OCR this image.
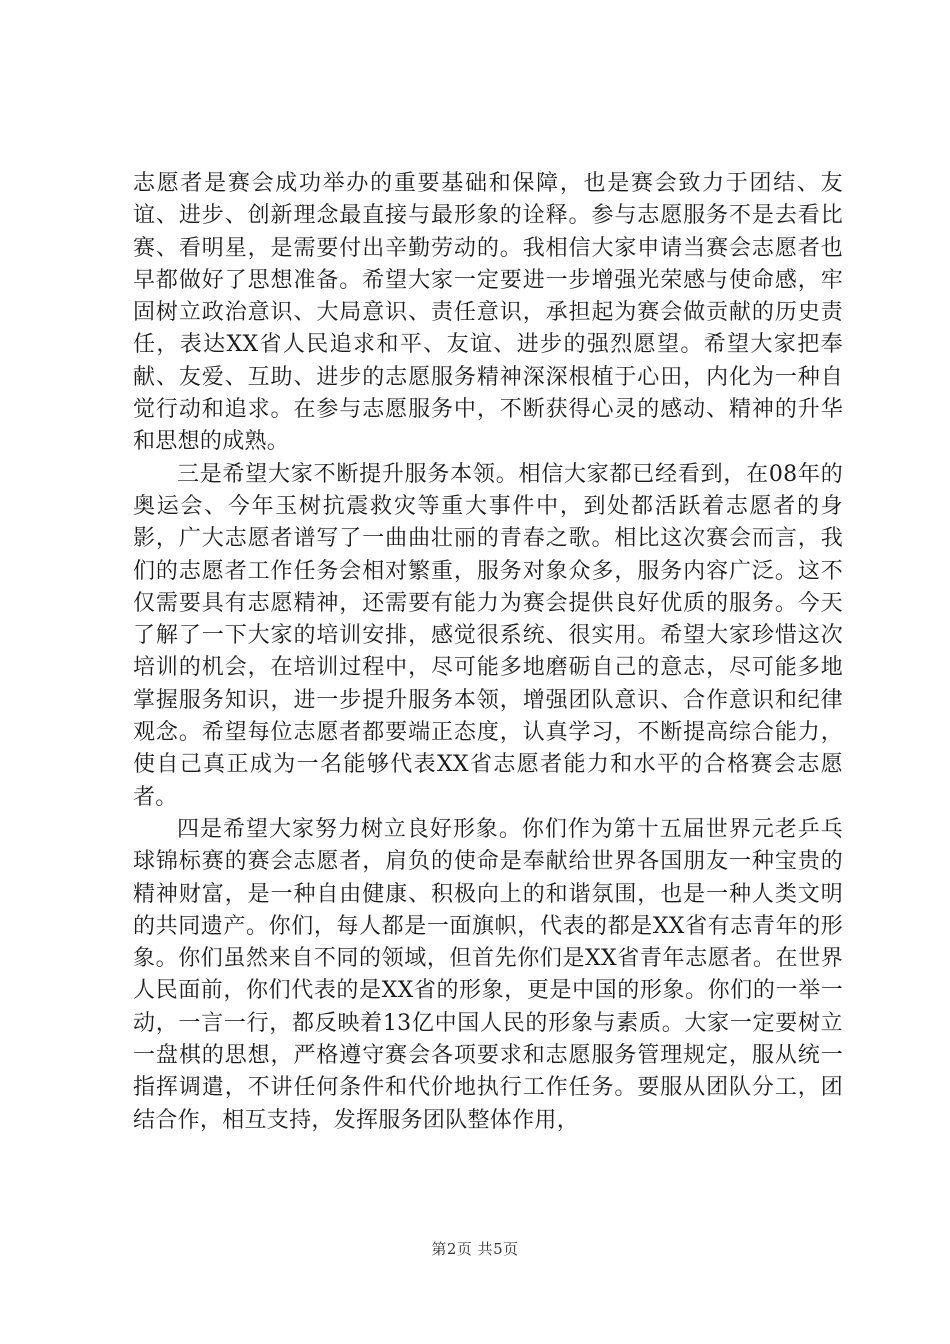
志愿者是赛会成功举办的重要基础和保障，也是赛会致力于团结、友谊、进步、创新理念最直接与最形象的诠释。参与志愿服务不是去看比赛、看明星，是需要付出辛勤劳动的。我相信大家申请当赛会志愿者也早都做好了思想准备。希望大家一定要进一步增强光荣感与使命感，牢固树立政治意识、大局意识、责任意识，承担起为赛会做贡献的历史责任，表达XX省人民追求和平、友谊、进步的强烈愿望。希望大家把奉献、友爱、互助、进步的志愿服务精神深深根植于心田，内化为一种自觉行动和追求。在参与志愿服务中，不断获得心灵的感动、精神的升华和思想的成熟。

三是希望大家不断提升服务本领。相信大家都已经看到，在08年的奥运会、今年玉树抗震救灾等重大事件中，到处都活跃着志愿者的身影，广大志愿者谱写了一曲曲壮丽的青春之歌。相比这次赛会而言，我们的志愿者工作任务会相对繁重，服务对象众多，服务内容广泛。这不仅需要具有志愿精神，还需要有能力为赛会提供良好优质的服务。今天了解了一下大家的培训安排，感觉很系统、很实用。希望大家珍惜这次培训的机会，在培训过程中，尽可能多地磨砺自己的意志，尽可能多地掌握服务知识，进一步提升服务本领，增强团队意识、合作意识和纪律观念。希望每位志愿者都要端正态度，认真学习，不断提高综合能力，使自己真正成为一名能够代表XX省志愿者能力和水平的合格赛会志愿者。

四是希望大家努力树立良好形象。你们作为第十五届世界元老乒乓球锦标赛的赛会志愿者，肩负的使命是奉献给世界各国朋友一种宝贵的精神财富，是一种自由健康、积极向上的和谐氛围，也是一种人类文明的共同遗产。你们，每人都是一面旗帜，代表的都是XX省有志青年的形象。你们虽然来自不同的领域，但首先你们是XX省青年志愿者。在世界人民面前，你们代表的是XX省的形象，更是中国的形象。你们的一举一动，一言一行，都反映着13亿中国人民的形象与素质。大家一定要树立一盘棋的思想，严格遵守赛会各项要求和志愿服务管理规定，服从统一指挥调遣，不讲任何条件和代价地执行工作任务。要服从团队分工，团结合作，相互支持，发挥服务团队整体作用，

第2页 共5页
